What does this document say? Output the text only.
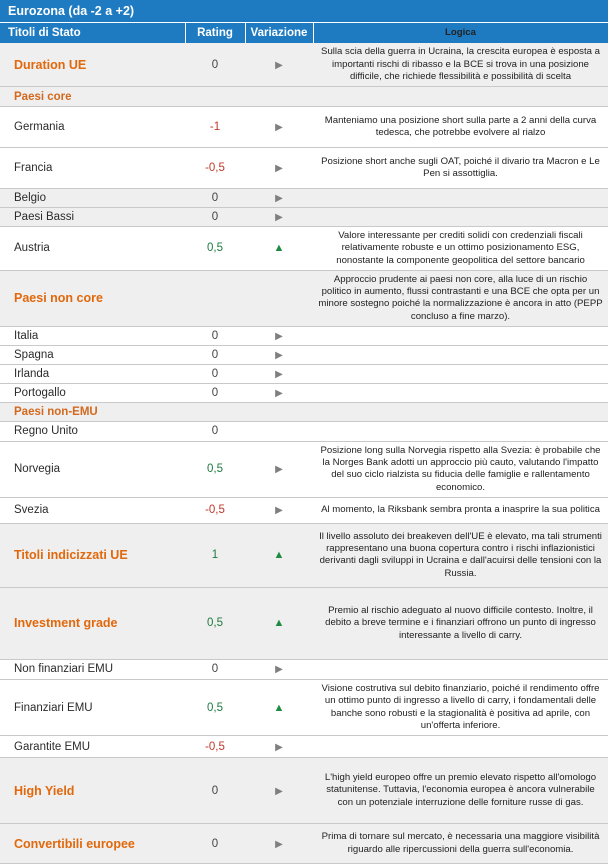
Eurozona (da -2 a +2)			
Titoli di Stato	Rating	Variazione	Logica
Duration UE	0	▶	Sulla scia della guerra in Ucraina, la crescita europea è esposta a importanti rischi di ribasso e la BCE si trova in una posizione difficile, che richiede flessibilità e possibilità di scelta
Paesi core			
Germania	-1	▶	Manteniamo una posizione short sulla parte a 2 anni della curva tedesca, che potrebbe evolvere al rialzo
Francia	-0,5	▶	Posizione short anche sugli OAT, poiché il divario tra Macron e Le Pen si assottiglia.
Belgio	0	▶	
Paesi Bassi	0	▶	
Austria	0,5	▲	Valore interessante per crediti solidi con credenziali fiscali relativamente robuste e un ottimo posizionamento ESG, nonostante la componente geopolitica del settore bancario
Paesi non core			Approccio prudente ai paesi non core, alla luce di un rischio politico in aumento, flussi contrastanti e una BCE che opta per un minore sostegno poiché la normalizzazione è ancora in atto (PEPP concluso a fine marzo).
Italia	0	▶	
Spagna	0	▶	
Irlanda	0	▶	
Portogallo	0	▶	
Paesi non-EMU			
Regno Unito	0		
Norvegia	0,5	▶	Posizione long sulla Norvegia rispetto alla Svezia: è probabile che la Norges Bank adotti un approccio più cauto, valutando l'impatto del suo ciclo rialzista su fiducia delle famiglie e rallentamento economico.
Svezia	-0,5	▶	Al momento, la Riksbank sembra pronta a inasprire la sua politica
Titoli indicizzati UE	1	▲	Il livello assoluto dei breakeven dell'UE è elevato, ma tali strumenti rappresentano una buona copertura contro i rischi inflazionistici derivanti dagli sviluppi in Ucraina e dall'acuirsi delle tensioni con la Russia.
Investment grade	0,5	▲	Premio al rischio adeguato al nuovo difficile contesto. Inoltre, il debito a breve termine e i finanziari offrono un punto di ingresso interessante a livello di carry.
Non finanziari EMU	0	▶	
Finanziari EMU	0,5	▲	Visione costrutiva sul debito finanziario, poiché il rendimento offre un ottimo punto di ingresso a livello di carry, i fondamentali delle banche sono robusti e la stagionalità è positiva ad aprile, con un'offerta inferiore.
Garantite EMU	-0,5	▶	
High Yield	0	▶	L'high yield europeo offre un premio elevato rispetto all'omologo statunitense. Tuttavia, l'economia europea è ancora vulnerabile con un potenziale interruzione delle forniture russe di gas.
Convertibili europee	0	▶	Prima di tornare sul mercato, è necessaria una maggiore visibilità riguardo alle ripercussioni della guerra sull'economia.
